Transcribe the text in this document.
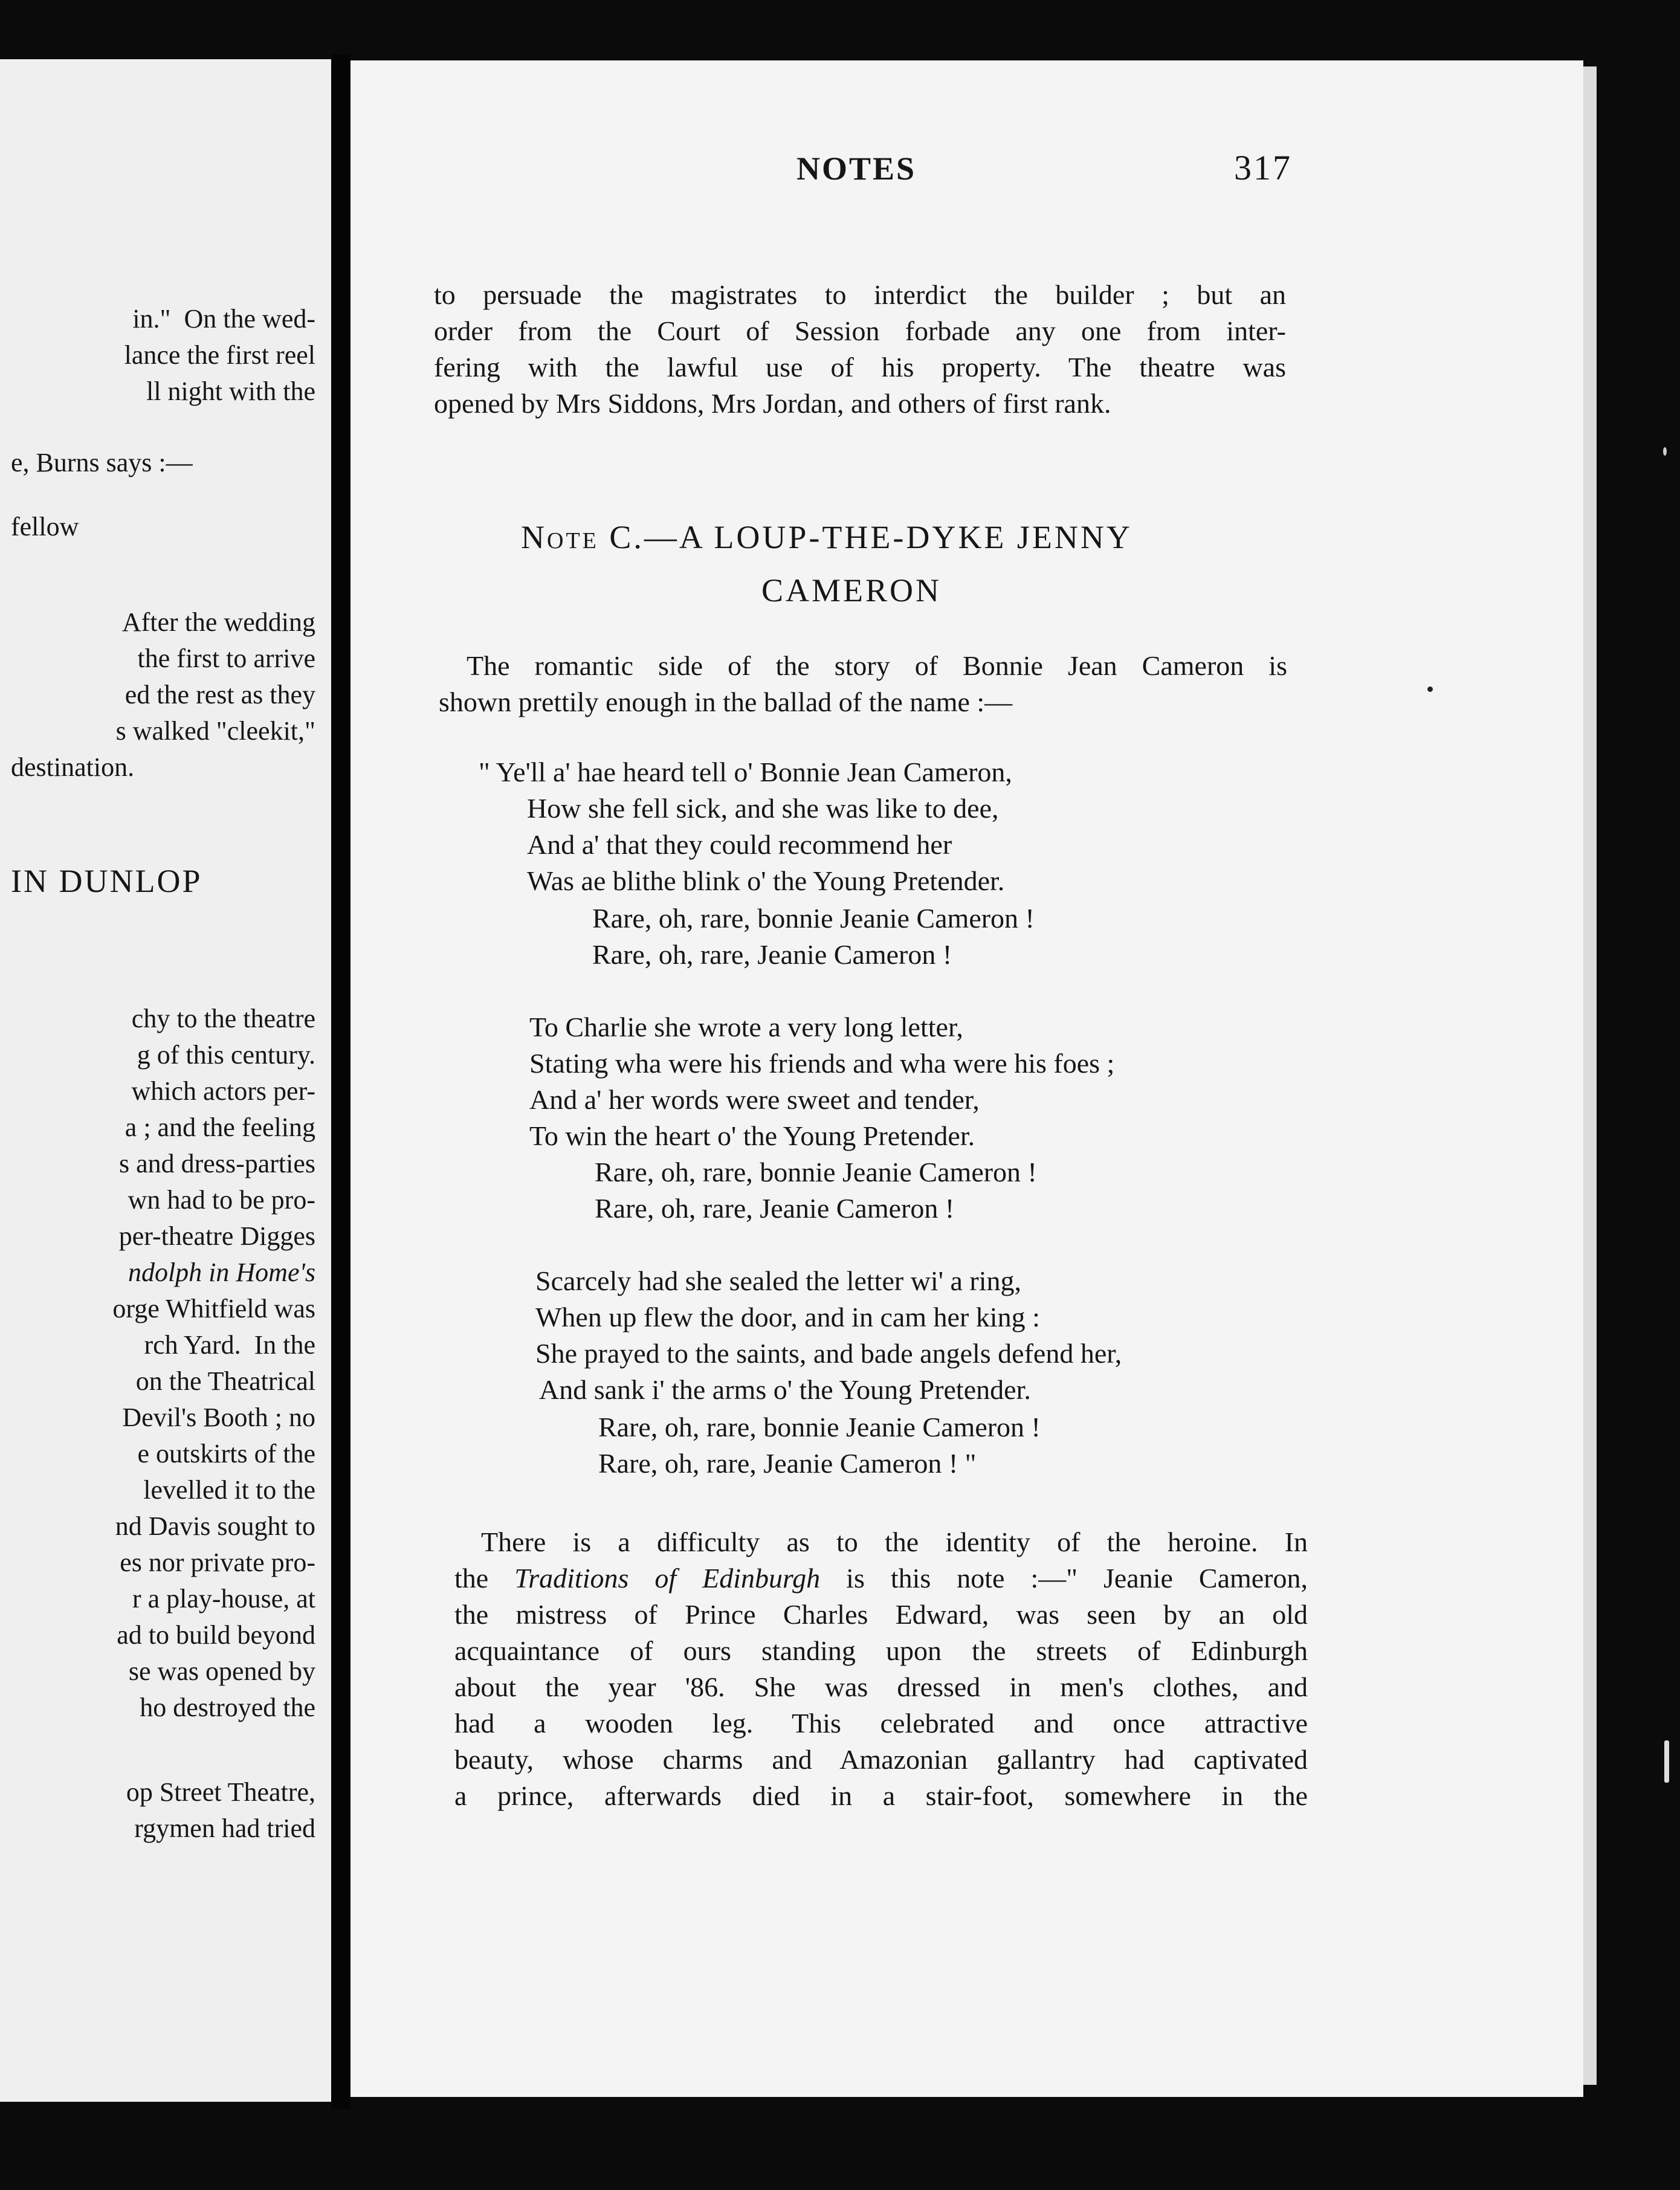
in."  On the wed-
lance the first reel
ll night with the
e, Burns says :—
fellow
After the wedding
the first to arrive
ed the rest as they
s walked "cleekit,"
destination.
IN DUNLOP
chy to the theatre
g of this century.
which actors per-
a ; and the feeling
s and dress-parties
wn had to be pro-
per-theatre Digges
ndolph in Home's
orge Whitfield was
rch Yard.  In the
on the Theatrical
Devil's Booth ; no
e outskirts of the
levelled it to the
nd Davis sought to
es nor private pro-
r a play-house, at
ad to build beyond
se was opened by
ho destroyed the
op Street Theatre,
rgymen had tried
NOTES	317
to persuade the magistrates to interdict the builder ; but an
order from the Court of Session forbade any one from inter-
fering with the lawful use of his property. The theatre was
opened by Mrs Siddons, Mrs Jordan, and others of first rank.
Note C.—A LOUP-THE-DYKE JENNY
CAMERON
The romantic side of the story of Bonnie Jean Cameron is
shown prettily enough in the ballad of the name :—
" Ye'll a' hae heard tell o' Bonnie Jean Cameron,
How she fell sick, and she was like to dee,
And a' that they could recommend her
Was ae blithe blink o' the Young Pretender.
Rare, oh, rare, bonnie Jeanie Cameron !
Rare, oh, rare, Jeanie Cameron !
To Charlie she wrote a very long letter,
Stating wha were his friends and wha were his foes ;
And a' her words were sweet and tender,
To win the heart o' the Young Pretender.
Rare, oh, rare, bonnie Jeanie Cameron !
Rare, oh, rare, Jeanie Cameron !
Scarcely had she sealed the letter wi' a ring,
When up flew the door, and in cam her king :
She prayed to the saints, and bade angels defend her,
And sank i' the arms o' the Young Pretender.
Rare, oh, rare, bonnie Jeanie Cameron !
Rare, oh, rare, Jeanie Cameron ! "
There is a difficulty as to the identity of the heroine. In
the Traditions of Edinburgh is this note :—" Jeanie Cameron,
the mistress of Prince Charles Edward, was seen by an old
acquaintance of ours standing upon the streets of Edinburgh
about the year '86. She was dressed in men's clothes, and
had a wooden leg. This celebrated and once attractive
beauty, whose charms and Amazonian gallantry had captivated
a prince, afterwards died in a stair-foot, somewhere in the
